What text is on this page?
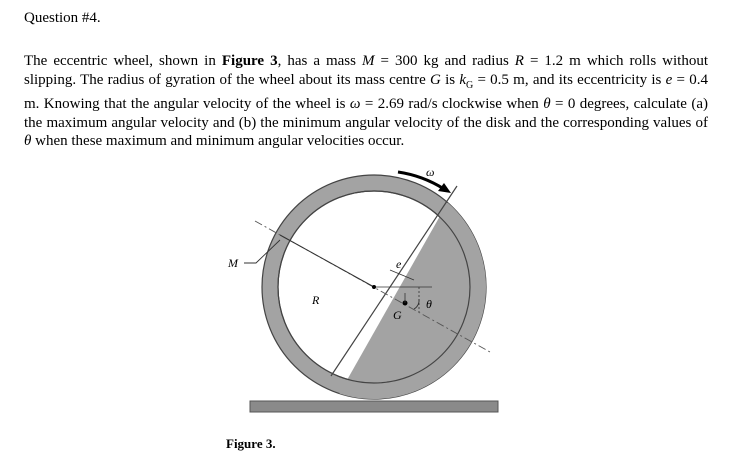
Question #4.
The eccentric wheel, shown in Figure 3, has a mass M = 300 kg and radius R = 1.2 m which rolls without slipping. The radius of gyration of the wheel about its mass centre G is $k_G = 0.5$ m, and its eccentricity is e = 0.4 m. Knowing that the angular velocity of the wheel is ω = 2.69 rad/s clockwise when θ = 0 degrees, calculate (a) the maximum angular velocity and (b) the minimum angular velocity of the disk and the corresponding values of θ when these maximum and minimum angular velocities occur.
ω
M
R
e
G
θ
Figure 3.
